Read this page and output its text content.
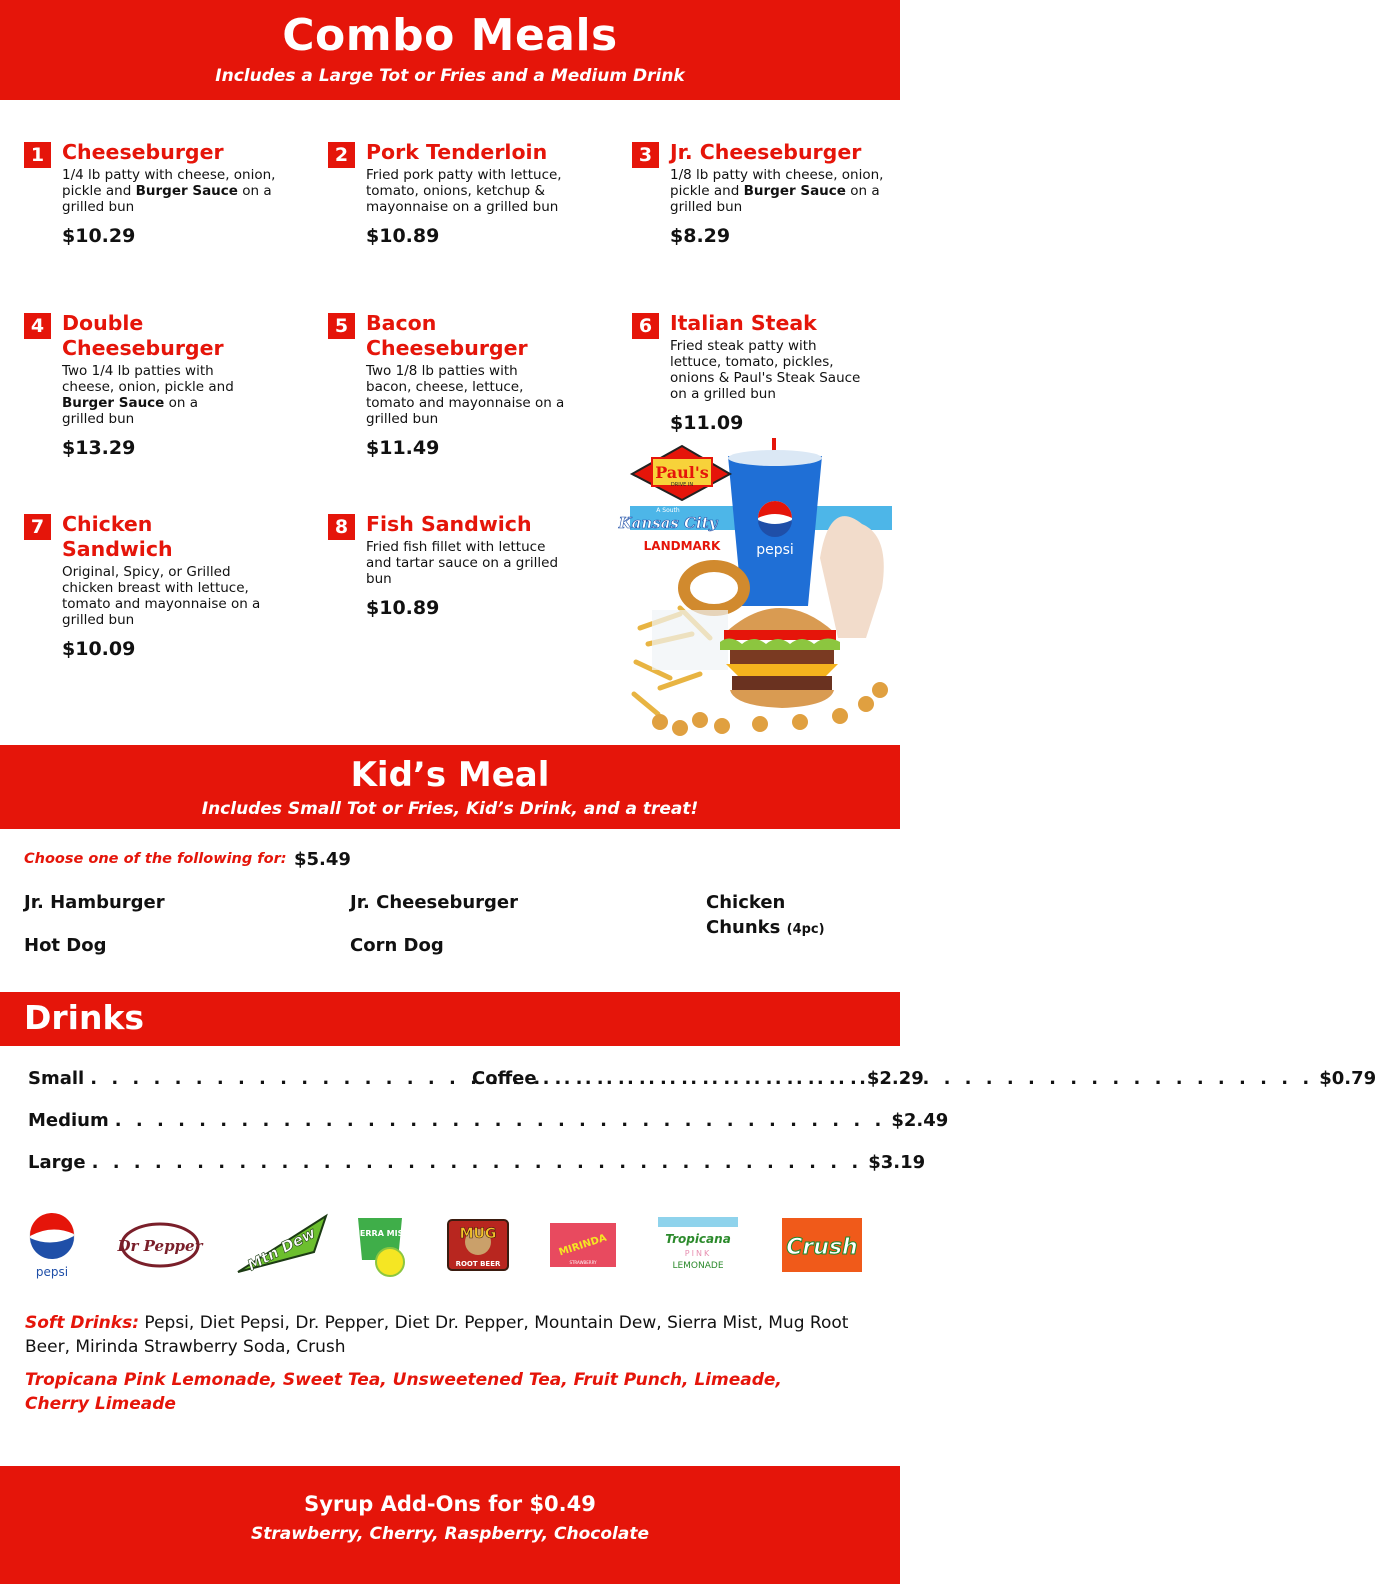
Combo Meals
Includes a Large Tot or Fries and a Medium Drink
1 Cheeseburger
1/4 lb patty with cheese, onion, pickle and Burger Sauce on a grilled bun
$10.29
2 Pork Tenderloin
Fried pork patty with lettuce, tomato, onions, ketchup & mayonnaise on a grilled bun
$10.89
3 Jr. Cheeseburger
1/8 lb patty with cheese, onion, pickle and Burger Sauce on a grilled bun
$8.29
4 Double Cheeseburger
Two 1/4 lb patties with cheese, onion, pickle and Burger Sauce on a grilled bun
$13.29
5 Bacon Cheeseburger
Two 1/8 lb patties with bacon, cheese, lettuce, tomato and mayonnaise on a grilled bun
$11.49
6 Italian Steak
Fried steak patty with lettuce, tomato, pickles, onions & Paul's Steak Sauce on a grilled bun
$11.09
7 Chicken Sandwich
Original, Spicy, or Grilled chicken breast with lettuce, tomato and mayonnaise on a grilled bun
$10.09
8 Fish Sandwich
Fried fish fillet with lettuce and tartar sauce on a grilled bun
$10.89
pepsi
Paul's
DRIVE IN
A South
Kansas City
LANDMARK
Kid’s Meal
Includes Small Tot or Fries, Kid’s Drink, and a treat!
Choose one of the following for: $5.49
Jr. Hamburger	Jr. Cheeseburger
Hot Dog	Corn Dog
Chicken
Chunks (4pc)
Drinks
Small . . .	$2.29
Medium . . .	$2.49
Large . . .	$3.19
Coffee . . .	$0.79
pepsi
Dr Pepper	Mtn Dew	SIERRA MIST	MUG
ROOT BEER
MIRINDA
STRAWBERRY
Tropicana
PINK
LEMONADE
Crush
Soft Drinks: Pepsi, Diet Pepsi, Dr. Pepper, Diet Dr. Pepper, Mountain Dew, Sierra Mist, Mug Root Beer, Mirinda Strawberry Soda, Crush
Tropicana Pink Lemonade, Sweet Tea, Unsweetened Tea, Fruit Punch, Limeade, Cherry Limeade
Syrup Add-Ons for $0.49
Strawberry, Cherry, Raspberry, Chocolate
